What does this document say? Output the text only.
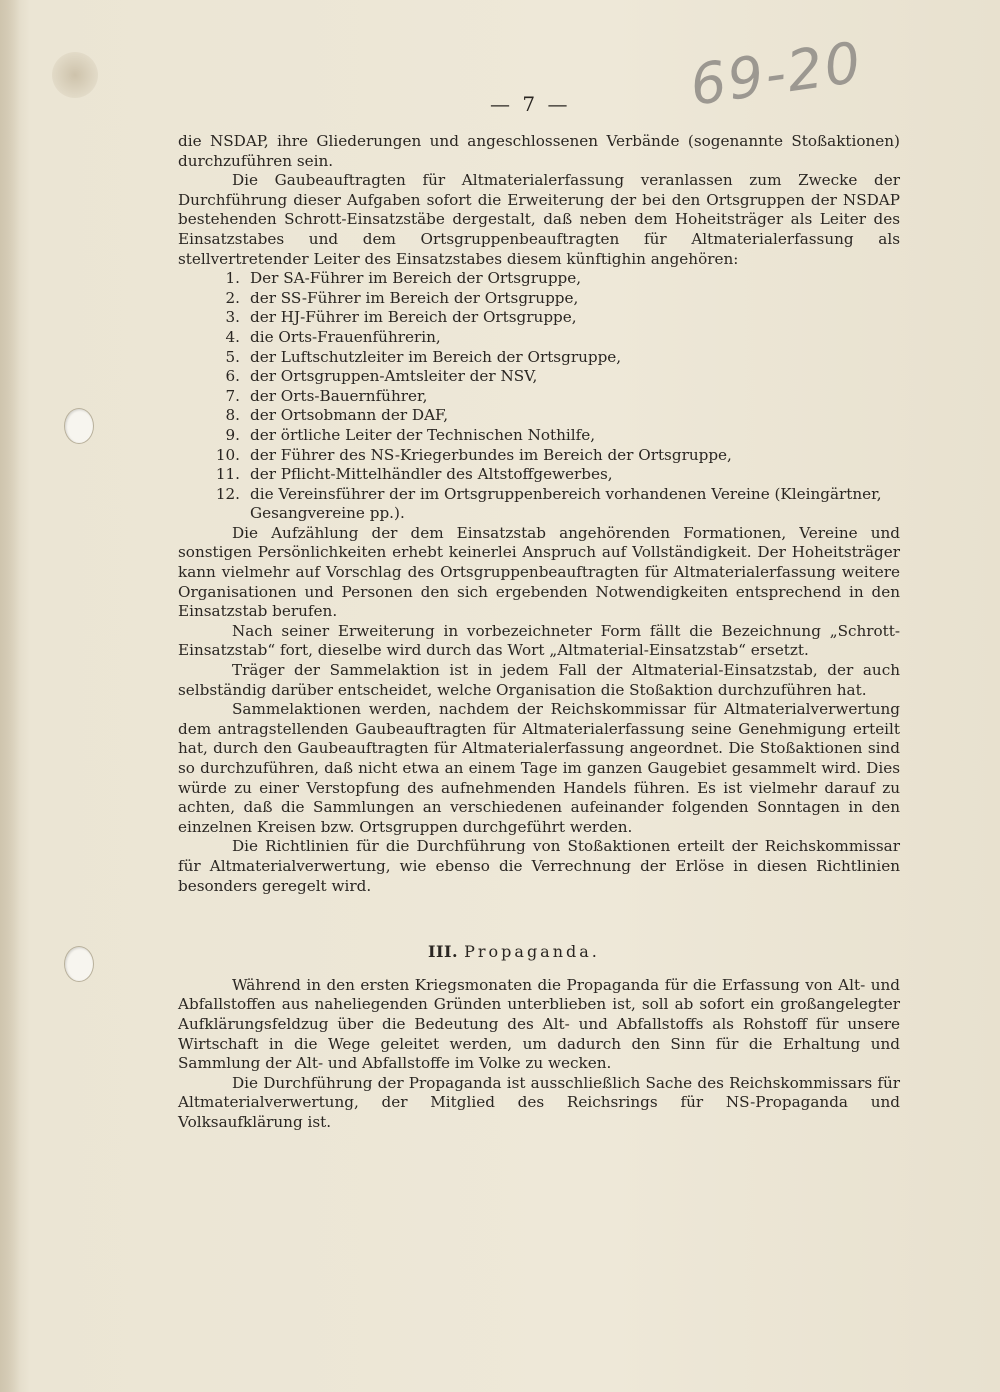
69-20
— 7 —

die NSDAP, ihre Gliederungen und angeschlossenen Verbände (sogenannte Stoßaktionen) durchzuführen sein.

Die Gaubeauftragten für Altmaterialerfassung veranlassen zum Zwecke der Durchführung dieser Aufgaben sofort die Erweiterung der bei den Ortsgruppen der NSDAP bestehenden Schrott-Einsatzstäbe dergestalt, daß neben dem Hoheitsträger als Leiter des Einsatzstabes und dem Ortsgruppenbeauftragten für Altmaterialerfassung als stellvertretender Leiter des Einsatzstabes diesem künftighin angehören:

1. Der SA-Führer im Bereich der Ortsgruppe,
2. der SS-Führer im Bereich der Ortsgruppe,
3. der HJ-Führer im Bereich der Ortsgruppe,
4. die Orts-Frauenführerin,
5. der Luftschutzleiter im Bereich der Ortsgruppe,
6. der Ortsgruppen-Amtsleiter der NSV,
7. der Orts-Bauernführer,
8. der Ortsobmann der DAF,
9. der örtliche Leiter der Technischen Nothilfe,
10. der Führer des NS-Kriegerbundes im Bereich der Ortsgruppe,
11. der Pflicht-Mittelhändler des Altstoffgewerbes,
12. die Vereinsführer der im Ortsgruppenbereich vorhandenen Vereine (Kleingärtner, Gesangvereine pp.).

Die Aufzählung der dem Einsatzstab angehörenden Formationen, Vereine und sonstigen Persönlichkeiten erhebt keinerlei Anspruch auf Vollständigkeit. Der Hoheitsträger kann vielmehr auf Vorschlag des Ortsgruppenbeauftragten für Altmaterialerfassung weitere Organisationen und Personen den sich ergebenden Notwendigkeiten entsprechend in den Einsatzstab berufen.

Nach seiner Erweiterung in vorbezeichneter Form fällt die Bezeichnung „Schrott-Einsatzstab“ fort, dieselbe wird durch das Wort „Altmaterial-Einsatzstab“ ersetzt.

Träger der Sammelaktion ist in jedem Fall der Altmaterial-Einsatzstab, der auch selbständig darüber entscheidet, welche Organisation die Stoßaktion durchzuführen hat.

Sammelaktionen werden, nachdem der Reichskommissar für Altmaterialverwertung dem antragstellenden Gaubeauftragten für Altmaterialerfassung seine Genehmigung erteilt hat, durch den Gaubeauftragten für Altmaterialerfassung angeordnet. Die Stoßaktionen sind so durchzuführen, daß nicht etwa an einem Tage im ganzen Gaugebiet gesammelt wird. Dies würde zu einer Verstopfung des aufnehmenden Handels führen. Es ist vielmehr darauf zu achten, daß die Sammlungen an verschiedenen aufeinander folgenden Sonntagen in den einzelnen Kreisen bzw. Ortsgruppen durchgeführt werden.

Die Richtlinien für die Durchführung von Stoßaktionen erteilt der Reichskommissar für Altmaterialverwertung, wie ebenso die Verrechnung der Erlöse in diesen Richtlinien besonders geregelt wird.

III. Propaganda.

Während in den ersten Kriegsmonaten die Propaganda für die Erfassung von Alt- und Abfallstoffen aus naheliegenden Gründen unterblieben ist, soll ab sofort ein großangelegter Aufklärungsfeldzug über die Bedeutung des Alt- und Abfallstoffs als Rohstoff für unsere Wirtschaft in die Wege geleitet werden, um dadurch den Sinn für die Erhaltung und Sammlung der Alt- und Abfallstoffe im Volke zu wecken.

Die Durchführung der Propaganda ist ausschließlich Sache des Reichskommissars für Altmaterialverwertung, der Mitglied des Reichsrings für NS-Propaganda und Volksaufklärung ist.
